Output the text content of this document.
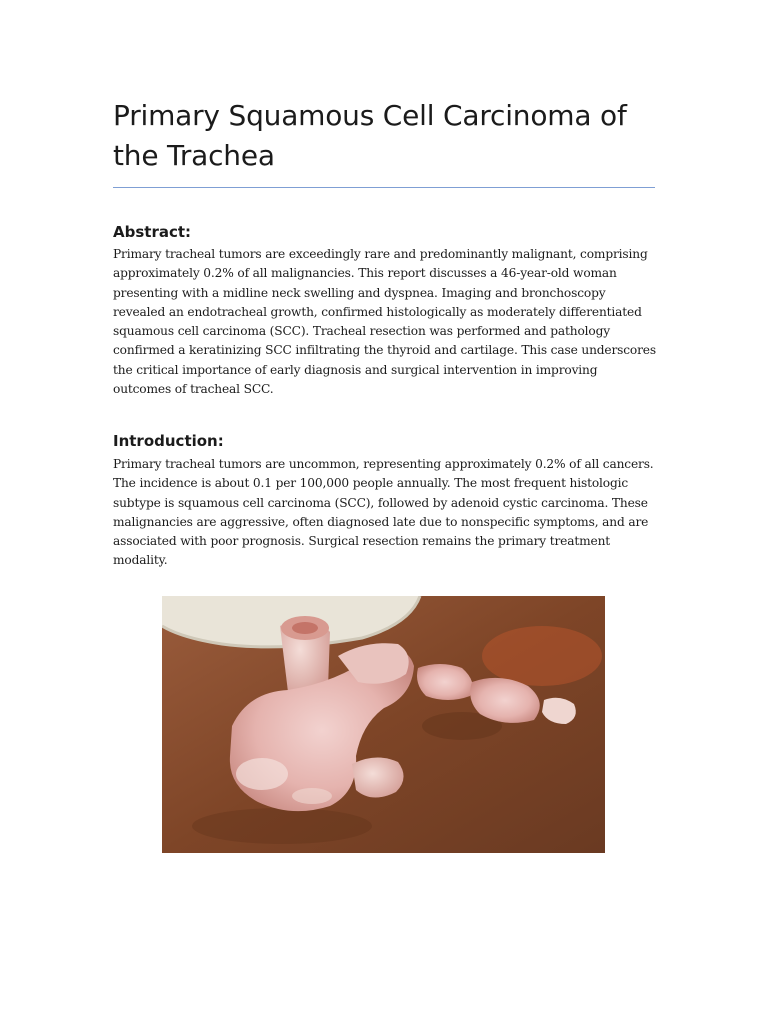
Primary Squamous Cell Carcinoma of the Trachea
Abstract:

Primary tracheal tumors are exceedingly rare and predominantly malignant, comprising approximately 0.2% of all malignancies. This report discusses a 46-year-old woman presenting with a midline neck swelling and dyspnea. Imaging and bronchoscopy revealed an endotracheal growth, confirmed histologically as moderately differentiated squamous cell carcinoma (SCC). Tracheal resection was performed and pathology confirmed a keratinizing SCC infiltrating the thyroid and cartilage. This case underscores the critical importance of early diagnosis and surgical intervention in improving outcomes of tracheal SCC.

Introduction:

Primary tracheal tumors are uncommon, representing approximately 0.2% of all cancers. The incidence is about 0.1 per 100,000 people annually. The most frequent histologic subtype is squamous cell carcinoma (SCC), followed by adenoid cystic carcinoma. These malignancies are aggressive, often diagnosed late due to nonspecific symptoms, and are associated with poor prognosis. Surgical resection remains the primary treatment modality.
